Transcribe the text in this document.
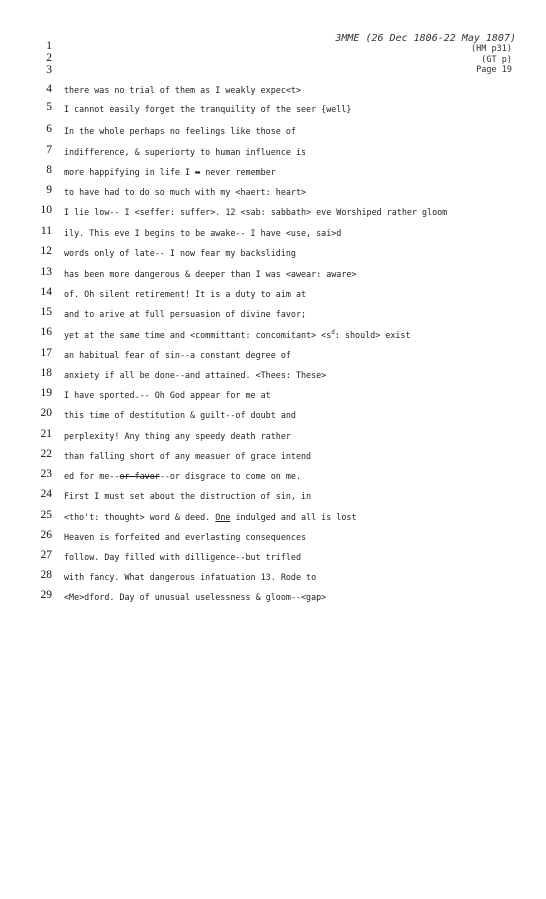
3MME (26 Dec 1806-22 May 1807)
(HM p31)
(GT p)
Page 19
1
2
3
4 there was no trial of them as I weakly expec<t>
5 I cannot easily forget the tranquility of the seer {well}
6 In the whole perhaps no feelings like those of
7 indifference, & superiorty to human influence is
8 more happifying in life I ∞ never remember
9 to have had to do so much with my <haert: heart>
10 I lie low-- I <seffer: suffer>. 12 <sab: sabbath> eve Worshiped rather gloom
11 ily. This eve I begins to be awake-- I have <use, sai>d
12 words only of late-- I now fear my backsliding
13 has been more dangerous & deeper than I was <awear: aware>
14 of. Oh silent retirement! It is a duty to aim at
15 and to arive at full persuasion of divine favor;
16 yet at the same time and <committant: concomitant> $<s^d$: should> exist
17 an habitual fear of sin--a constant degree of
18 anxiety if all be done--and attained. <Thees: These>
19 I have sported.-- Oh God appear for me at
20 this time of destitution & guilt--of doubt and
21 perplexity! Any thing any speedy death rather
22 than falling short of any measuer of grace intend
23 ed for me--or favor--or disgrace to come on me.
24 First I must set about the distruction of sin, in
25 <tho't: thought> word & deed. One indulged and all is lost
26 Heaven is forfeited and everlasting consequences
27 follow. Day filled with dilligence--but trifled
28 with fancy. What dangerous infatuation 13. Rode to
29 <Me>dford. Day of unusual uselessness & gloom--<gap>
